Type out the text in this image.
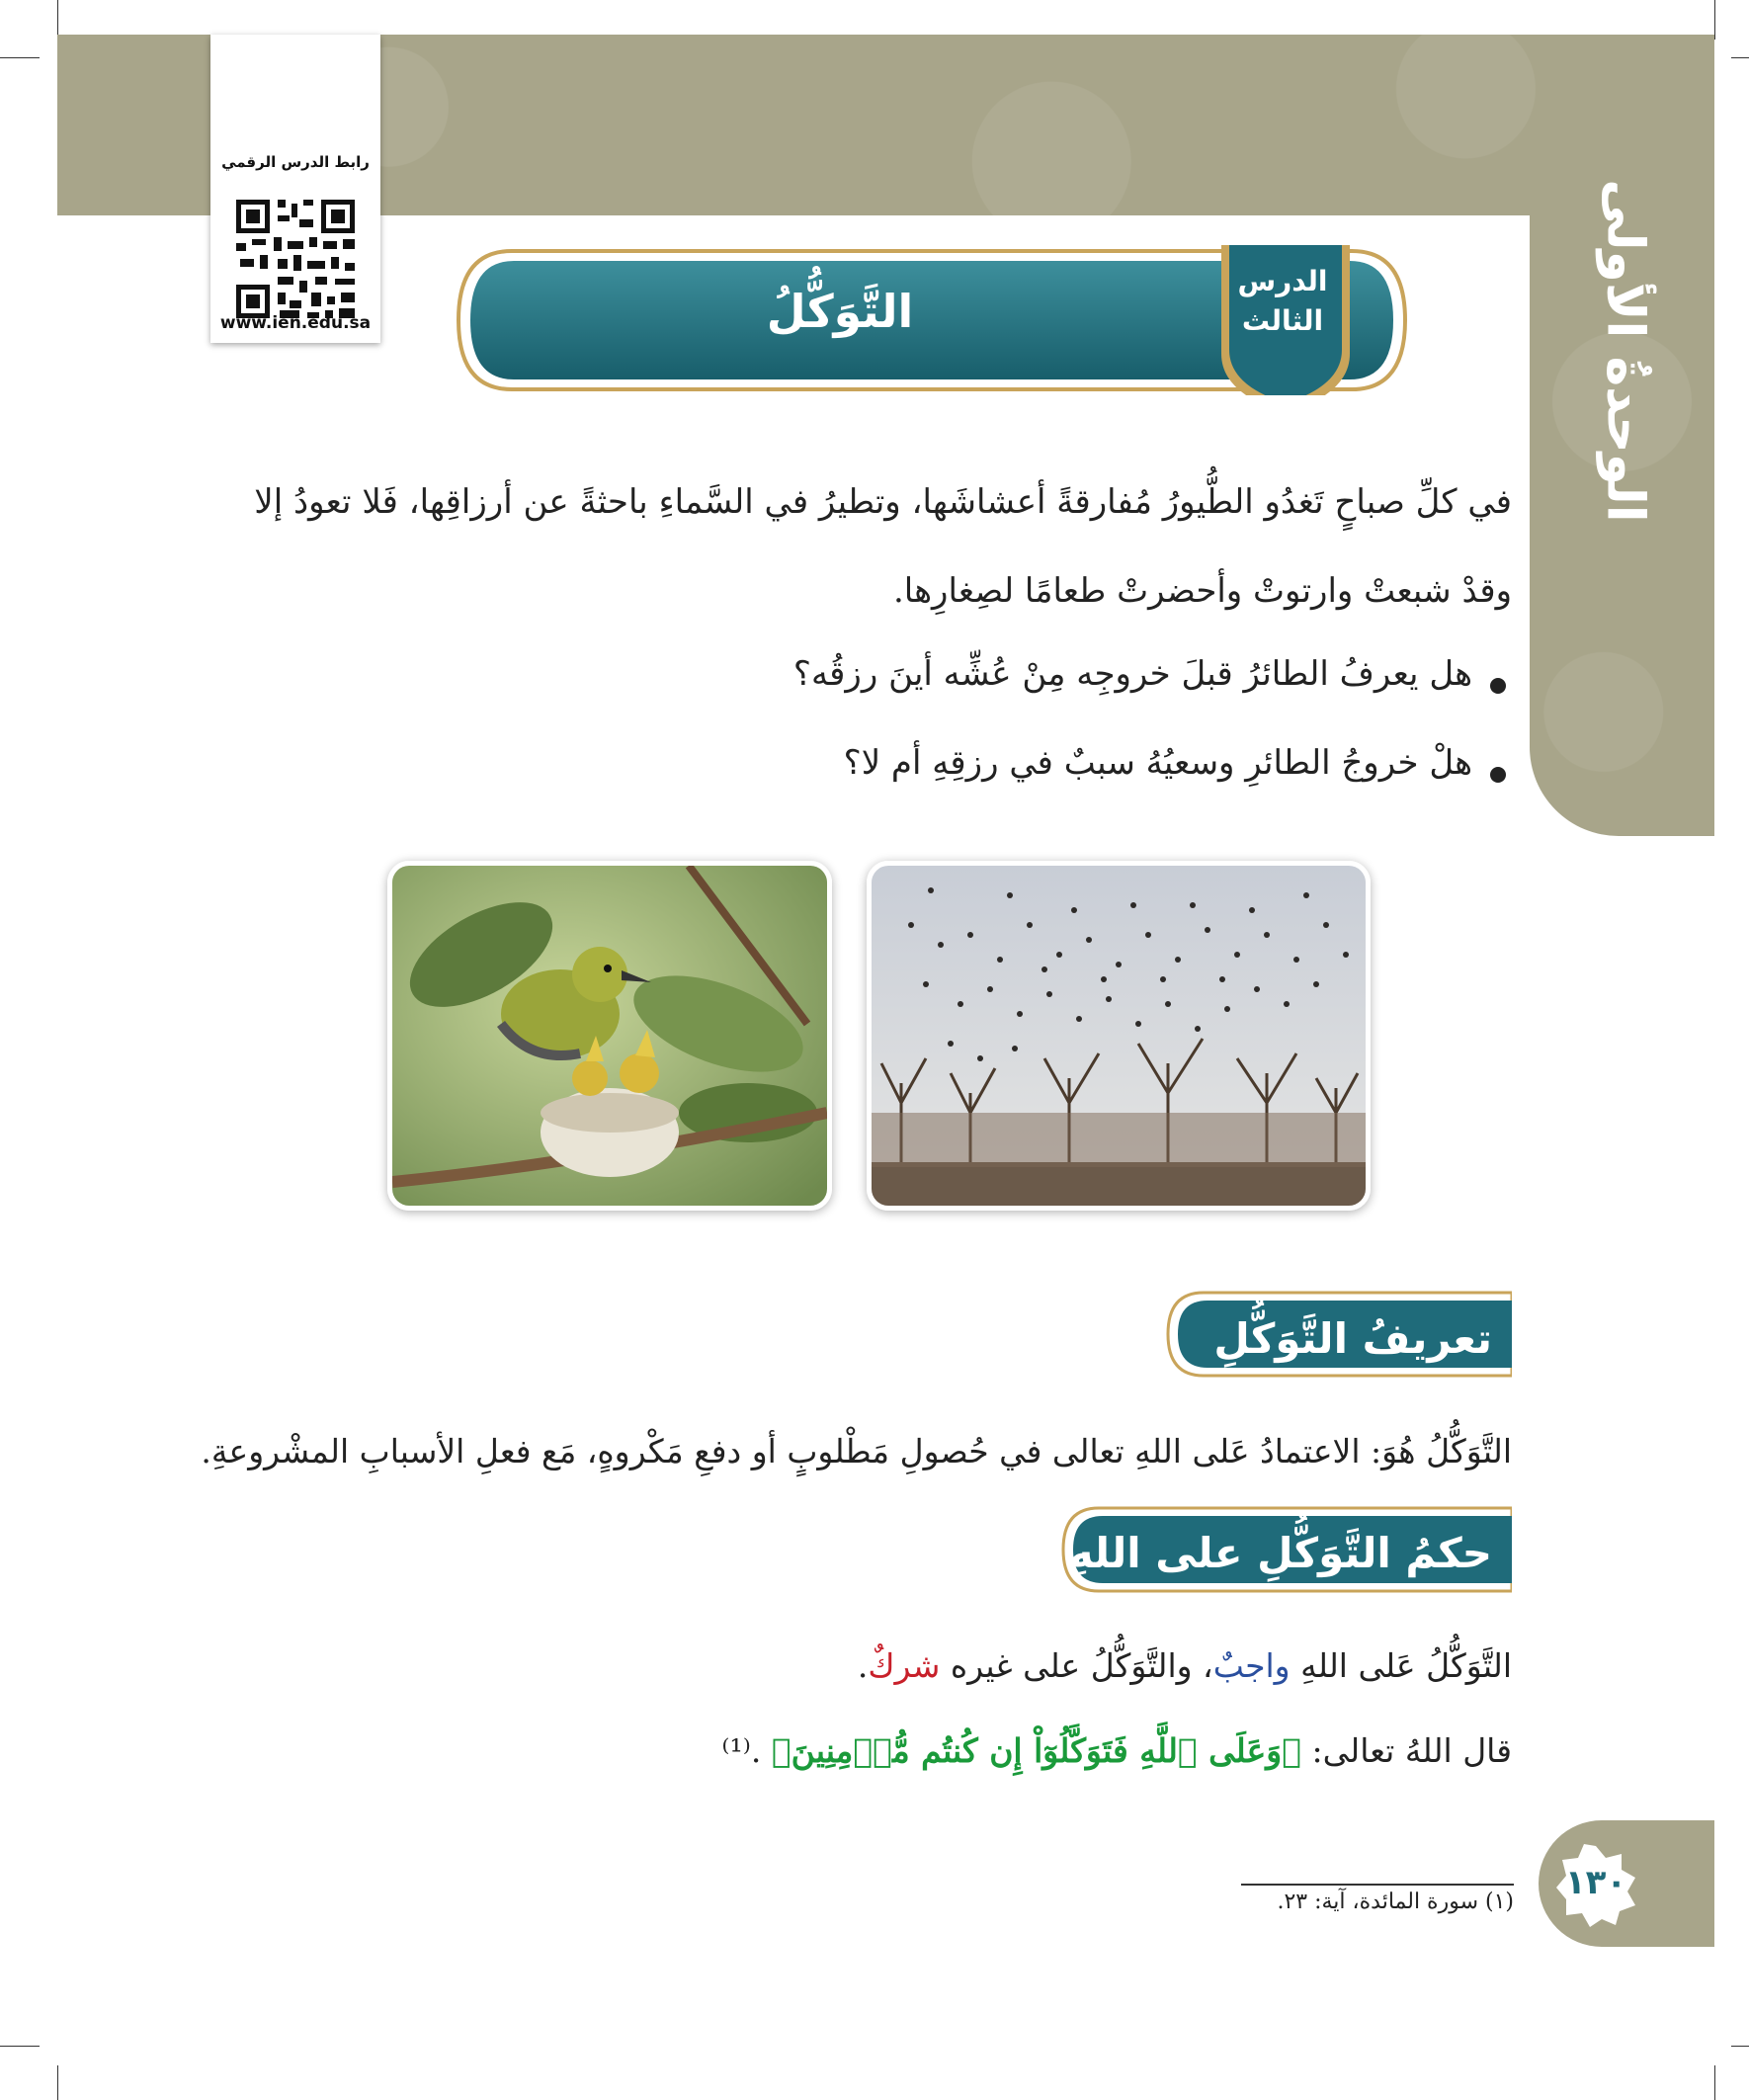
الوحدةُ الأولى
رابط الدرس الرقمي
www.ien.edu.sa
الدرس
الثالث
التَّوَكُّلُ
في كلِّ صباحٍ تَغدُو الطُّيورُ مُفارقةً أعشاشَها، وتطيرُ في السَّماءِ باحثةً عن أرزاقِها، فَلا تعودُ إلا
وقدْ شبعتْ وارتوتْ وأحضرتْ طعامًا لصِغارِها.
هل يعرفُ الطائرُ قبلَ خروجِه مِنْ عُشِّه أينَ رزقُه؟
هلْ خروجُ الطائرِ وسعيُهُ سببٌ في رزقِهِ أم لا؟
تعريفُ التَّوَكُّلِ
التَّوَكُّلُ هُوَ: الاعتمادُ عَلى اللهِ تعالى في حُصولِ مَطْلوبٍ أو دفعِ مَكْروهٍ، مَع فعلِ الأسبابِ المشْروعةِ.
حكمُ التَّوَكُّلِ على اللهِ
التَّوَكُّلُ عَلى اللهِ واجبٌ، والتَّوَكُّلُ على غيره شركٌ.
قال اللهُ تعالى: ﴿وَعَلَى ٱللَّهِ فَتَوَكَّلُوٓاْ إِن كُنتُم مُّؤۡمِنِينَ﴾ .⁽¹⁾
١٣٠
(١) سورة المائدة، آية: ٢٣.
